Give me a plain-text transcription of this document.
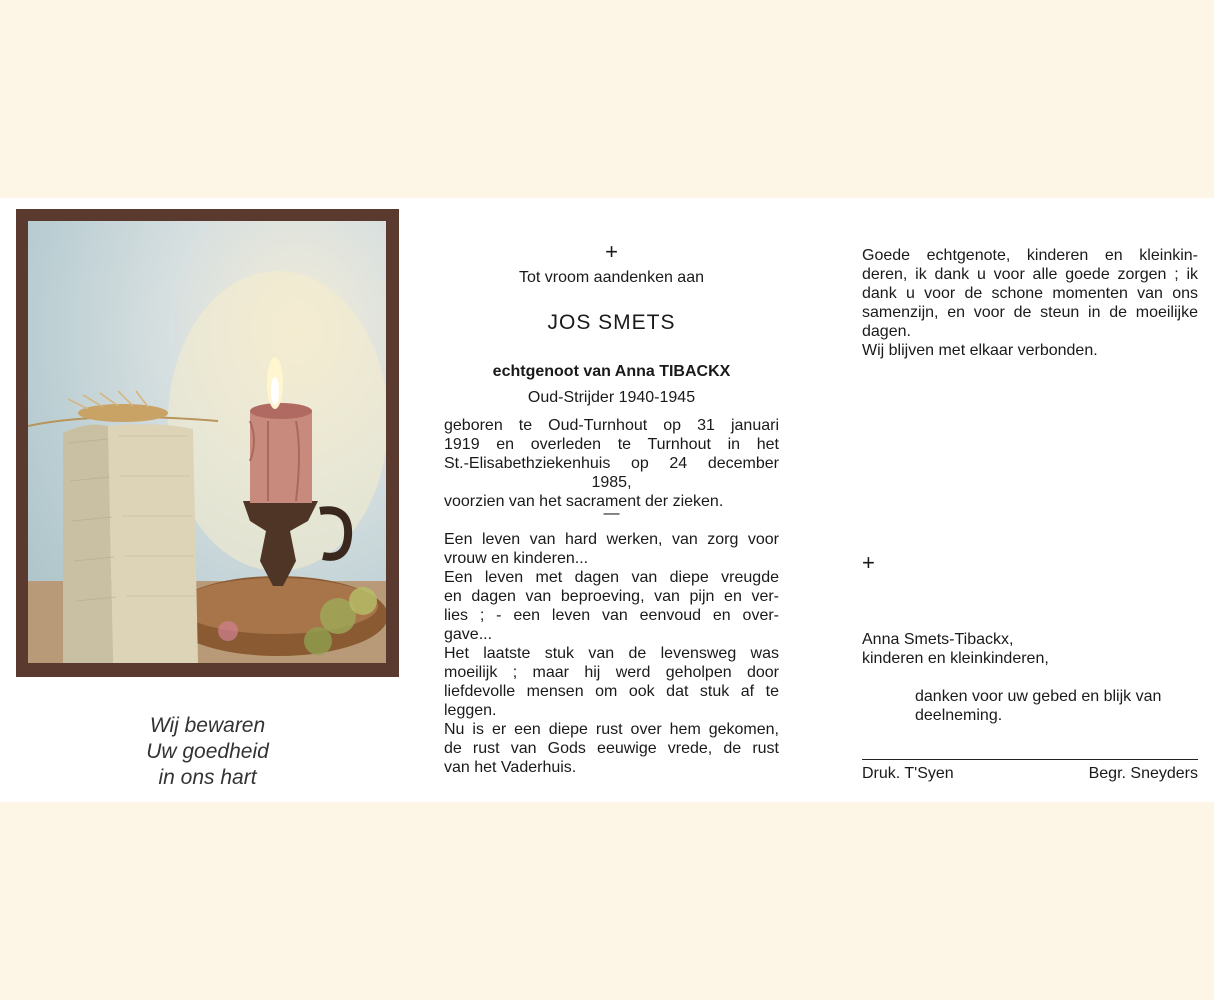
Wij bewaren
Uw goedheid
in ons hart
+
Tot vroom aandenken aan
JOS SMETS
echtgenoot van Anna TIBACKX
Oud-Strijder 1940-1945
geboren te Oud-Turnhout op 31 januari
1919 en overleden te Turnhout in het
St.-Elisabethziekenhuis op 24 december
1985,
voorzien van het sacrament der zieken.
—
Een leven van hard werken, van zorg voor
vrouw en kinderen...
Een leven met dagen van diepe vreugde
en dagen van beproeving, van pijn en ver-
lies ; - een leven van eenvoud en over-
gave...
Het laatste stuk van de levensweg was
moeilijk ; maar hij werd geholpen door
liefdevolle mensen om ook dat stuk af te
leggen.
Nu is er een diepe rust over hem gekomen,
de rust van Gods eeuwige vrede, de rust
van het Vaderhuis.
Goede echtgenote, kinderen en kleinkin-
deren, ik dank u voor alle goede zorgen ; ik
dank u voor de schone momenten van ons
samenzijn, en voor de steun in de moeilijke
dagen.
Wij blijven met elkaar verbonden.
+
Anna Smets-Tibackx,
kinderen en kleinkinderen,
danken voor uw gebed en blijk van
deelneming.
Druk. T'Syen	Begr. Sneyders
